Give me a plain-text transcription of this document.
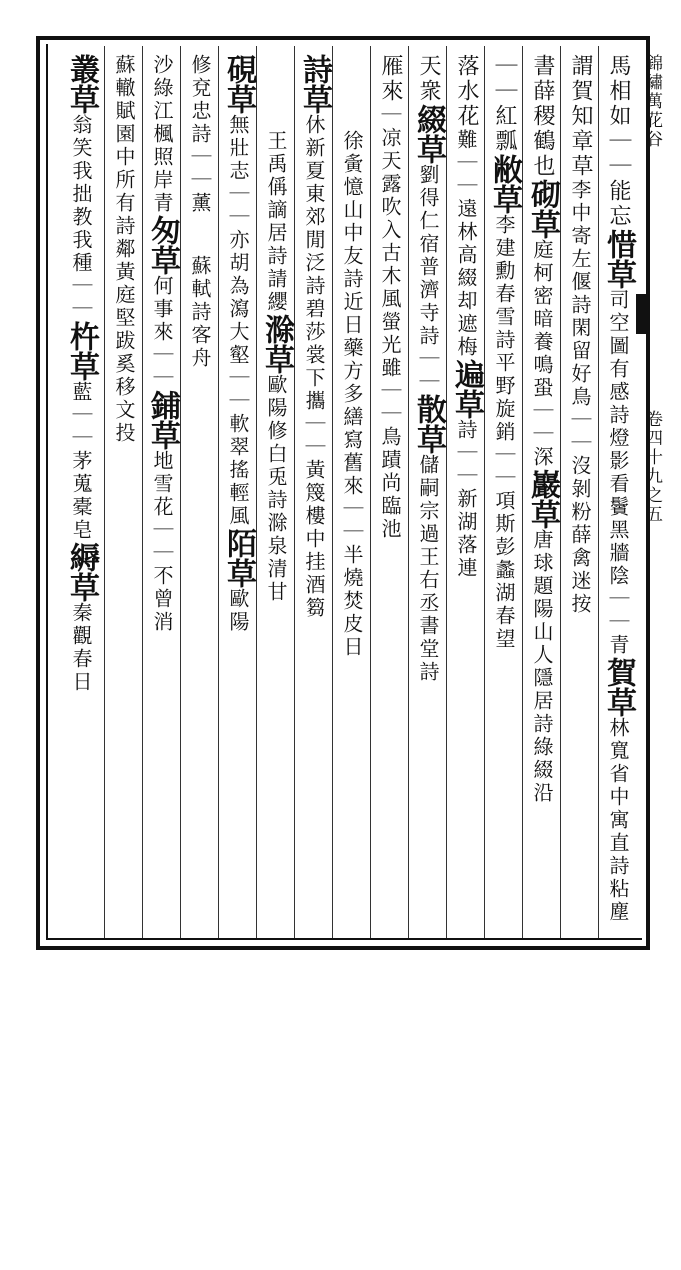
錦繡萬花谷
卷四十九之五
馬相如｜｜能忘惜草司空圖有感詩燈影看鬢黑牆陰｜｜青賀草林寬省中寓直詩粘塵
謂賀知章草李中寄左偃詩閑留好鳥｜｜沒剝粉薛禽迷按
書薛稷鶴也砌草庭柯密暗養鳴蛩｜｜深巖草唐球題陽山人隱居詩綠綴沿
｜｜紅瓢敝草李建勳春雪詩平野旋銷｜｜項斯彭蠡湖春望
落水花難｜｜遠林高綴却遮梅遍草詩｜｜新湖落連
天衆綴草劉得仁宿普濟寺詩｜｜散草儲嗣宗過王右丞書堂詩
雁來｜凉天露吹入古木風螢光雖｜｜鳥蹟尚臨池
徐夤憶山中友詩近日藥方多繕寫舊來｜｜半燒焚皮日
詩草休新夏東郊閒泛詩碧莎裳下攜｜｜黃篾樓中挂酒篘
王禹偁謫居詩請纓滁草歐陽修白兎詩滁泉清甘
硯草無壯志｜｜亦胡為瀉大壑｜｜軟翠搖輕風陌草歐陽
修兗忠詩｜｜薰蘇軾詩客舟
沙綠江楓照岸青匆草何事來｜｜鋪草地雪花｜｜不曾消
蘇轍賦園中所有詩鄰黃庭堅跋奚移文投
叢草翁笑我拙教我種｜｜杵草藍｜｜茅蒐橐皂縟草秦觀春日
